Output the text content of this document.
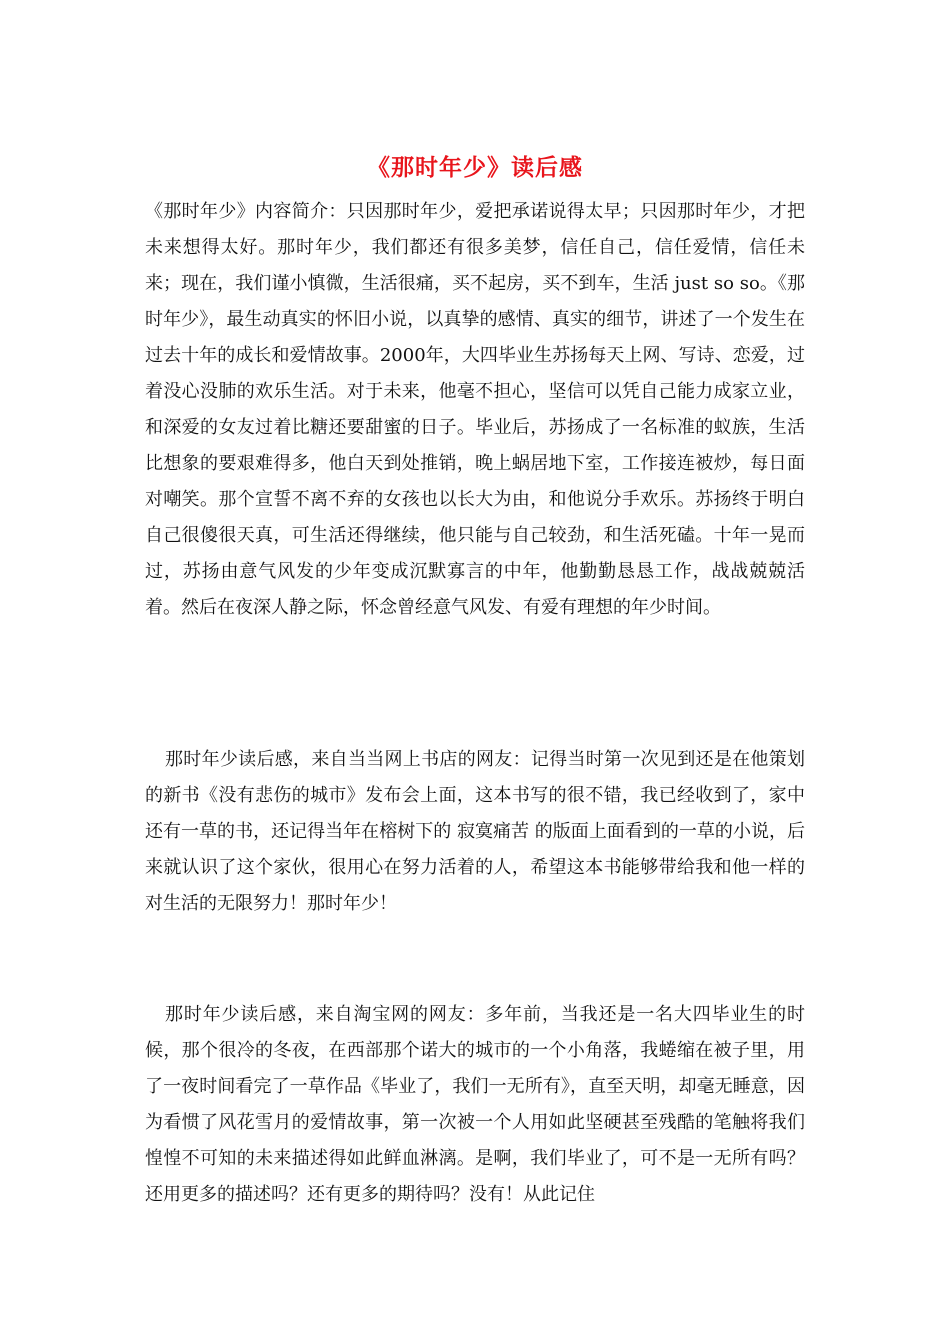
《那时年少》读后感

《那时年少》内容简介：只因那时年少，爱把承诺说得太早；只因那时年少，才把未来想得太好。那时年少，我们都还有很多美梦，信任自己，信任爱情，信任未来；现在，我们谨小慎微，生活很痛，买不起房，买不到车，生活 just so so。《那时年少》，最生动真实的怀旧小说，以真挚的感情、真实的细节，讲述了一个发生在过去十年的成长和爱情故事。2000年，大四毕业生苏扬每天上网、写诗、恋爱，过着没心没肺的欢乐生活。对于未来，他毫不担心，坚信可以凭自己能力成家立业，和深爱的女友过着比糖还要甜蜜的日子。毕业后，苏扬成了一名标准的蚁族，生活比想象的要艰难得多，他白天到处推销，晚上蜗居地下室，工作接连被炒，每日面对嘲笑。那个宣誓不离不弃的女孩也以长大为由，和他说分手欢乐。苏扬终于明白自己很傻很天真，可生活还得继续，他只能与自己较劲，和生活死磕。十年一晃而过，苏扬由意气风发的少年变成沉默寡言的中年，他勤勤恳恳工作，战战兢兢活着。然后在夜深人静之际，怀念曾经意气风发、有爱有理想的年少时间。

那时年少读后感，来自当当网上书店的网友：记得当时第一次见到还是在他策划的新书《没有悲伤的城市》发布会上面，这本书写的很不错，我已经收到了，家中还有一草的书，还记得当年在榕树下的 寂寞痛苦 的版面上面看到的一草的小说，后来就认识了这个家伙，很用心在努力活着的人，希望这本书能够带给我和他一样的对生活的无限努力！那时年少！

那时年少读后感，来自淘宝网的网友：多年前，当我还是一名大四毕业生的时候，那个很冷的冬夜，在西部那个诺大的城市的一个小角落，我蜷缩在被子里，用了一夜时间看完了一草作品《毕业了，我们一无所有》，直至天明，却毫无睡意，因为看惯了风花雪月的爱情故事，第一次被一个人用如此坚硬甚至残酷的笔触将我们惶惶不可知的未来描述得如此鲜血淋漓。是啊，我们毕业了，可不是一无所有吗？还用更多的描述吗？还有更多的期待吗？没有！从此记住
